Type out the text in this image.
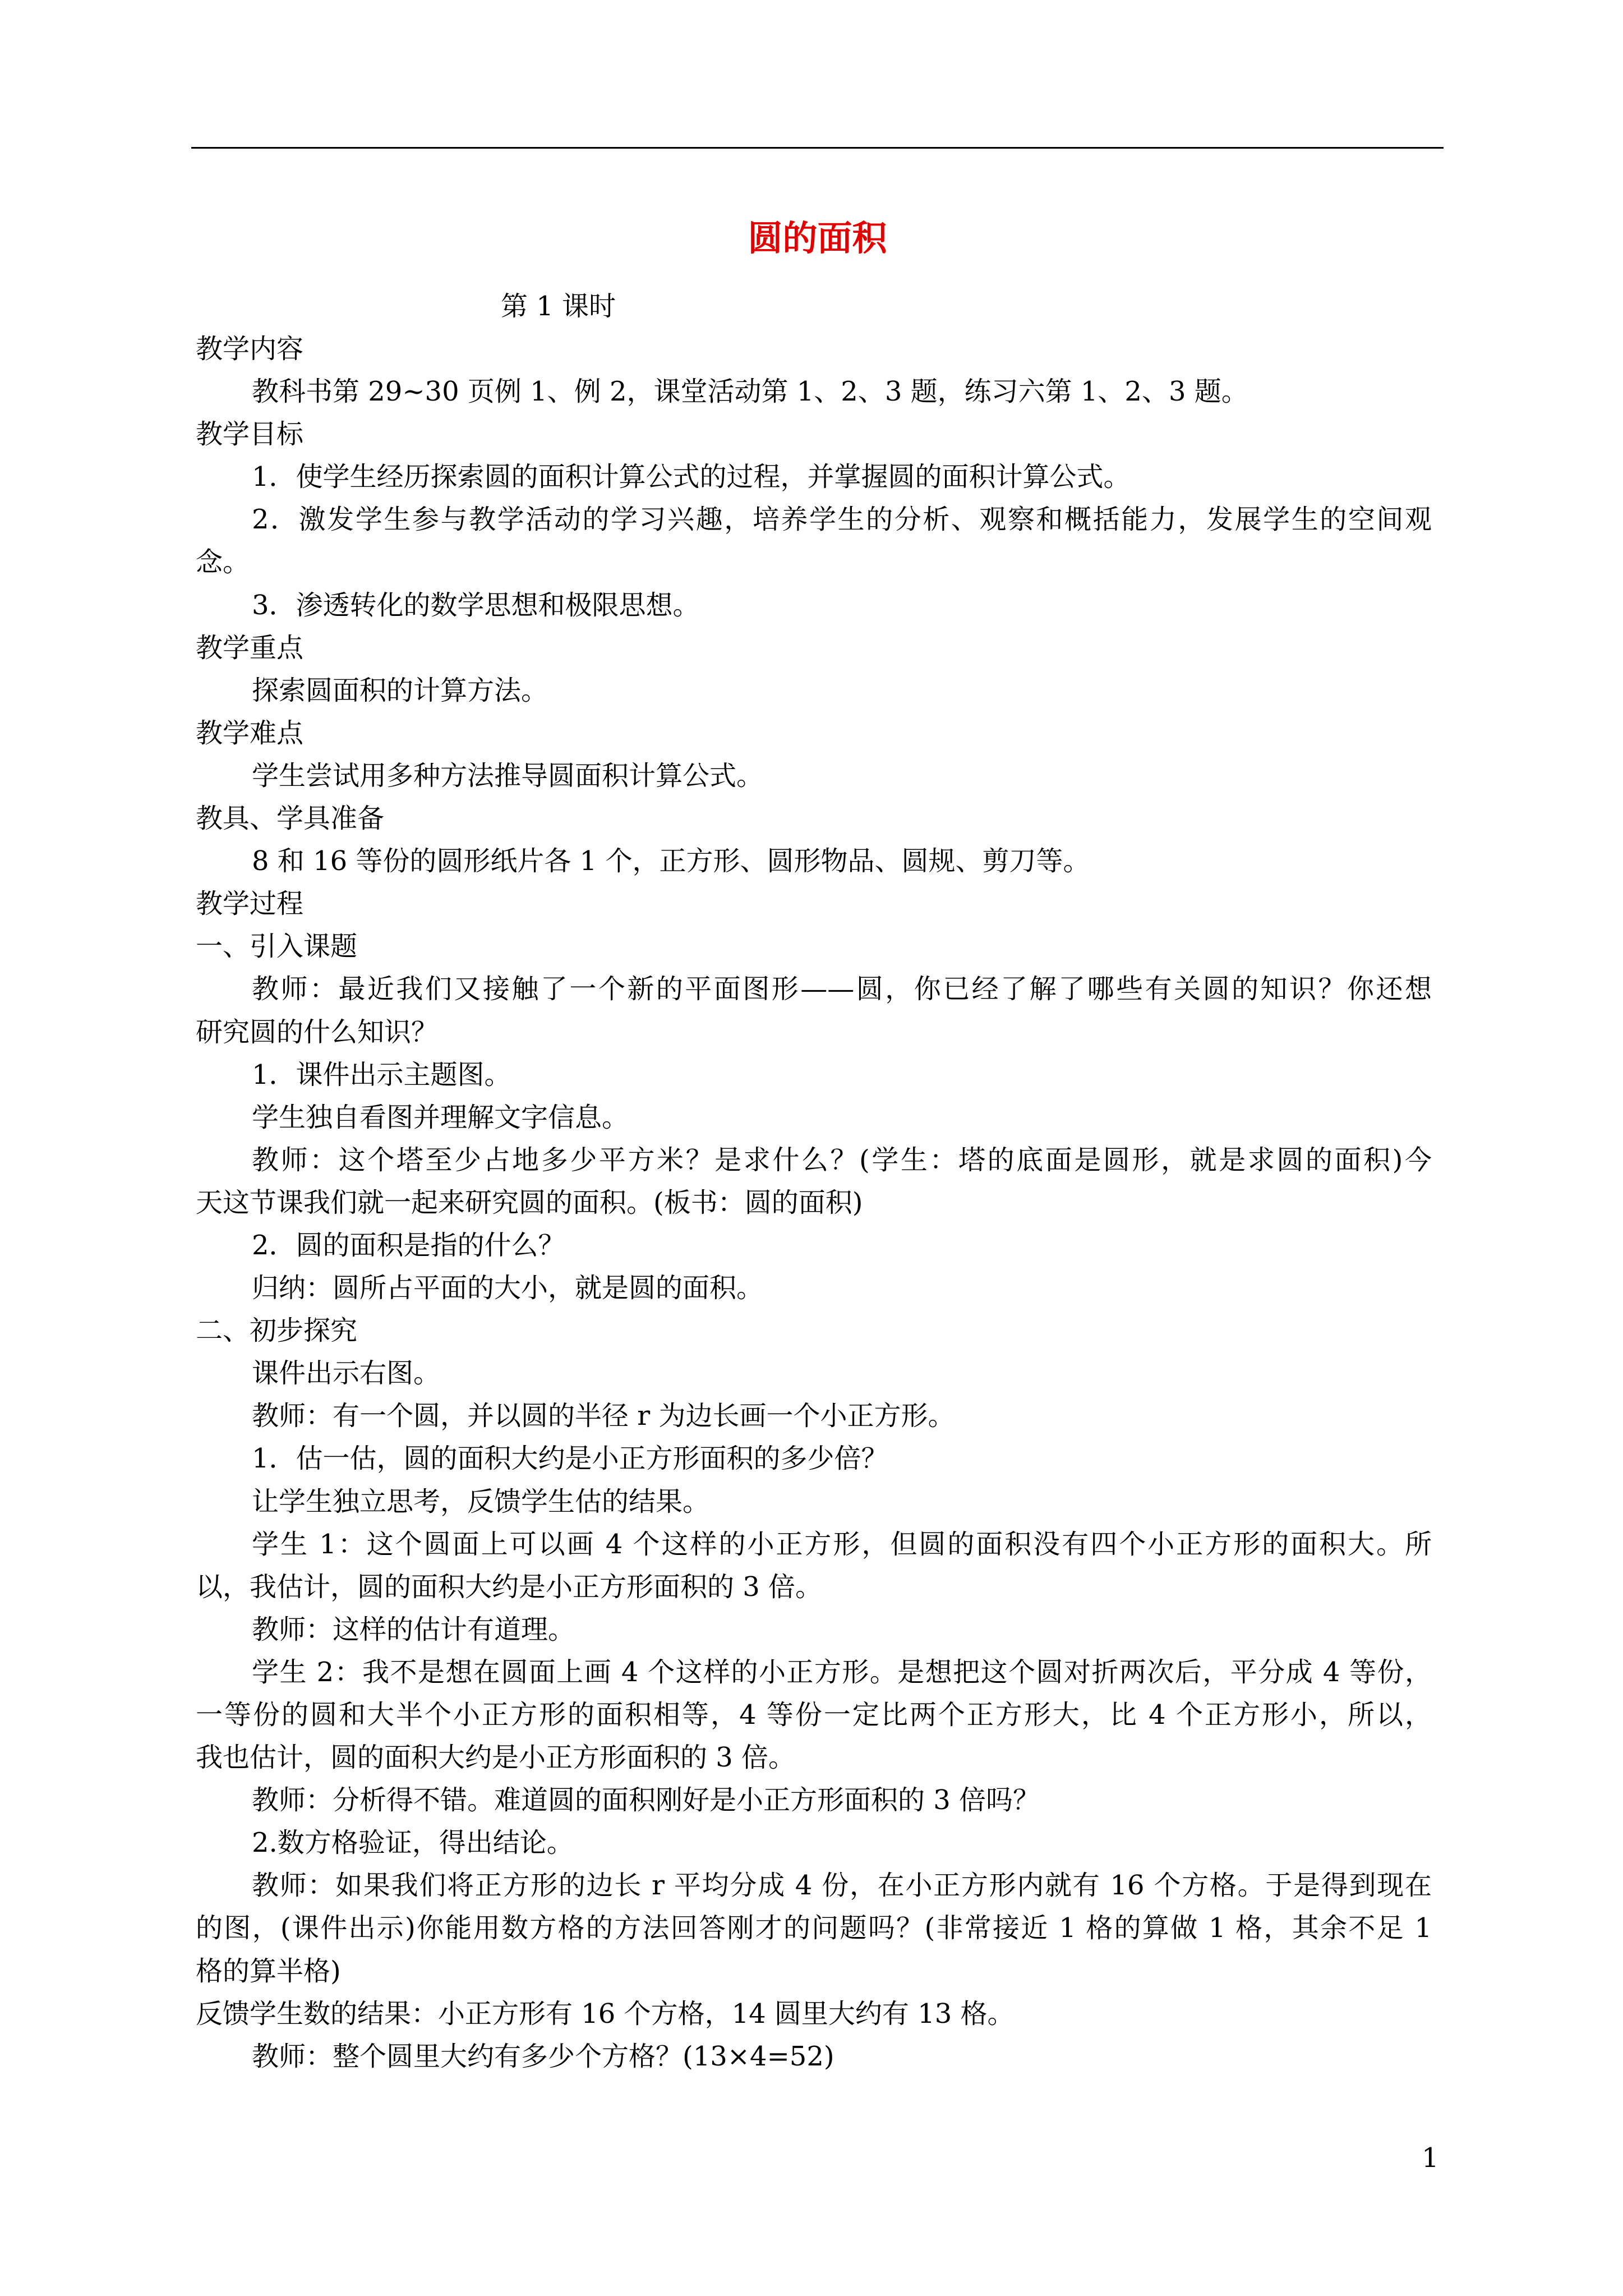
圆的面积
第 1 课时
教学内容
教科书第 29~30 页例 1、例 2，课堂活动第 1、2、3 题，练习六第 1、2、3 题。
教学目标
1．使学生经历探索圆的面积计算公式的过程，并掌握圆的面积计算公式。
2．激发学生参与教学活动的学习兴趣，培养学生的分析、观察和概括能力，发展学生的空间观
念。
3．渗透转化的数学思想和极限思想。
教学重点
探索圆面积的计算方法。
教学难点
学生尝试用多种方法推导圆面积计算公式。
教具、学具准备
8 和 16 等份的圆形纸片各 1 个，正方形、圆形物品、圆规、剪刀等。
教学过程
一、引入课题
教师：最近我们又接触了一个新的平面图形——圆，你已经了解了哪些有关圆的知识？你还想
研究圆的什么知识？
1．课件出示主题图。
学生独自看图并理解文字信息。
教师：这个塔至少占地多少平方米？是求什么？(学生：塔的底面是圆形，就是求圆的面积)今
天这节课我们就一起来研究圆的面积。(板书：圆的面积)
2．圆的面积是指的什么？
归纳：圆所占平面的大小，就是圆的面积。
二、初步探究
课件出示右图。
教师：有一个圆，并以圆的半径 r 为边长画一个小正方形。
1．估一估，圆的面积大约是小正方形面积的多少倍？
让学生独立思考，反馈学生估的结果。
学生 1：这个圆面上可以画 4 个这样的小正方形，但圆的面积没有四个小正方形的面积大。所
以，我估计，圆的面积大约是小正方形面积的 3 倍。
教师：这样的估计有道理。
学生 2：我不是想在圆面上画 4 个这样的小正方形。是想把这个圆对折两次后，平分成 4 等份，
一等份的圆和大半个小正方形的面积相等，4 等份一定比两个正方形大，比 4 个正方形小，所以，
我也估计，圆的面积大约是小正方形面积的 3 倍。
教师：分析得不错。难道圆的面积刚好是小正方形面积的 3 倍吗？
2.数方格验证，得出结论。
教师：如果我们将正方形的边长 r 平均分成 4 份，在小正方形内就有 16 个方格。于是得到现在
的图，(课件出示)你能用数方格的方法回答刚才的问题吗？(非常接近 1 格的算做 1 格，其余不足 1
格的算半格)
反馈学生数的结果：小正方形有 16 个方格，14 圆里大约有 13 格。
教师：整个圆里大约有多少个方格？(13×4=52)
1
